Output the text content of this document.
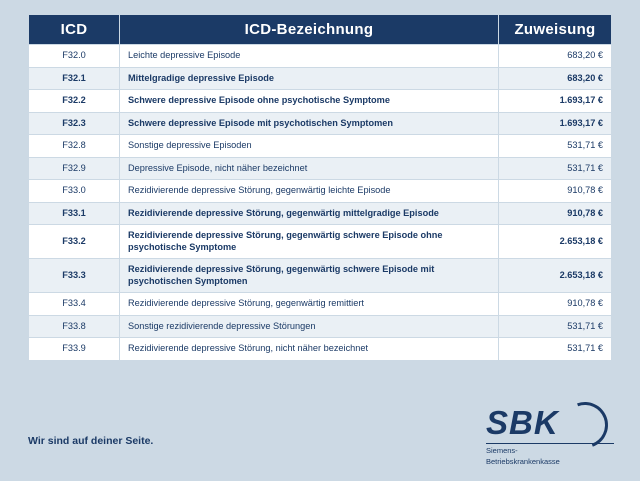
ICD	ICD-Bezeichnung	Zuweisung
F32.0	Leichte depressive Episode	683,20 €
F32.1	Mittelgradige depressive Episode	683,20 €
F32.2	Schwere depressive Episode ohne psychotische Symptome	1.693,17 €
F32.3	Schwere depressive Episode mit psychotischen Symptomen	1.693,17 €
F32.8	Sonstige depressive Episoden	531,71 €
F32.9	Depressive Episode, nicht näher bezeichnet	531,71 €
F33.0	Rezidivierende depressive Störung, gegenwärtig leichte Episode	910,78 €
F33.1	Rezidivierende depressive Störung, gegenwärtig mittelgradige Episode	910,78 €
F33.2	Rezidivierende depressive Störung, gegenwärtig schwere Episode ohne psychotische Symptome	2.653,18 €
F33.3	Rezidivierende depressive Störung, gegenwärtig schwere Episode mit psychotischen Symptomen	2.653,18 €
F33.4	Rezidivierende depressive Störung, gegenwärtig remittiert	910,78 €
F33.8	Sonstige rezidivierende depressive Störungen	531,71 €
F33.9	Rezidivierende depressive Störung, nicht näher bezeichnet	531,71 €
Wir sind auf deiner Seite.
SBK
Siemens-
Betriebskrankenkasse
